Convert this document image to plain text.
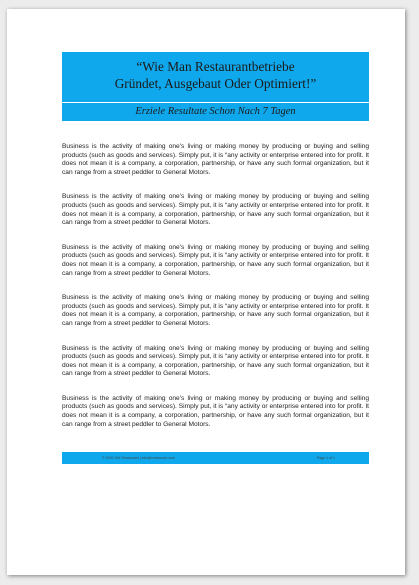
“Wie Man Restaurantbetriebe
Gründet, Ausgebaut Oder Optimiert!”
Erziele Resultate Schon Nach 7 Tagen

Business is the activity of making one's living or making money by producing or buying and selling products (such as goods and services). Simply put, it is “any activity or enterprise entered into for profit. It does not mean it is a company, a corporation, partnership, or have any such formal organization, but it can range from a street peddler to General Motors.

Business is the activity of making one's living or making money by producing or buying and selling products (such as goods and services). Simply put, it is “any activity or enterprise entered into for profit. It does not mean it is a company, a corporation, partnership, or have any such formal organization, but it can range from a street peddler to General Motors.

Business is the activity of making one's living or making money by producing or buying and selling products (such as goods and services). Simply put, it is “any activity or enterprise entered into for profit. It does not mean it is a company, a corporation, partnership, or have any such formal organization, but it can range from a street peddler to General Motors.

Business is the activity of making one's living or making money by producing or buying and selling products (such as goods and services). Simply put, it is “any activity or enterprise entered into for profit. It does not mean it is a company, a corporation, partnership, or have any such formal organization, but it can range from a street peddler to General Motors.

Business is the activity of making one's living or making money by producing or buying and selling products (such as goods and services). Simply put, it is “any activity or enterprise entered into for profit. It does not mean it is a company, a corporation, partnership, or have any such formal organization, but it can range from a street peddler to General Motors.

Business is the activity of making one's living or making money by producing or buying and selling products (such as goods and services). Simply put, it is “any activity or enterprise entered into for profit. It does not mean it is a company, a corporation, partnership, or have any such formal organization, but it can range from a street peddler to General Motors.

© 2020 Old Restaurant | info@restaurant.com	Page 1 of 1
